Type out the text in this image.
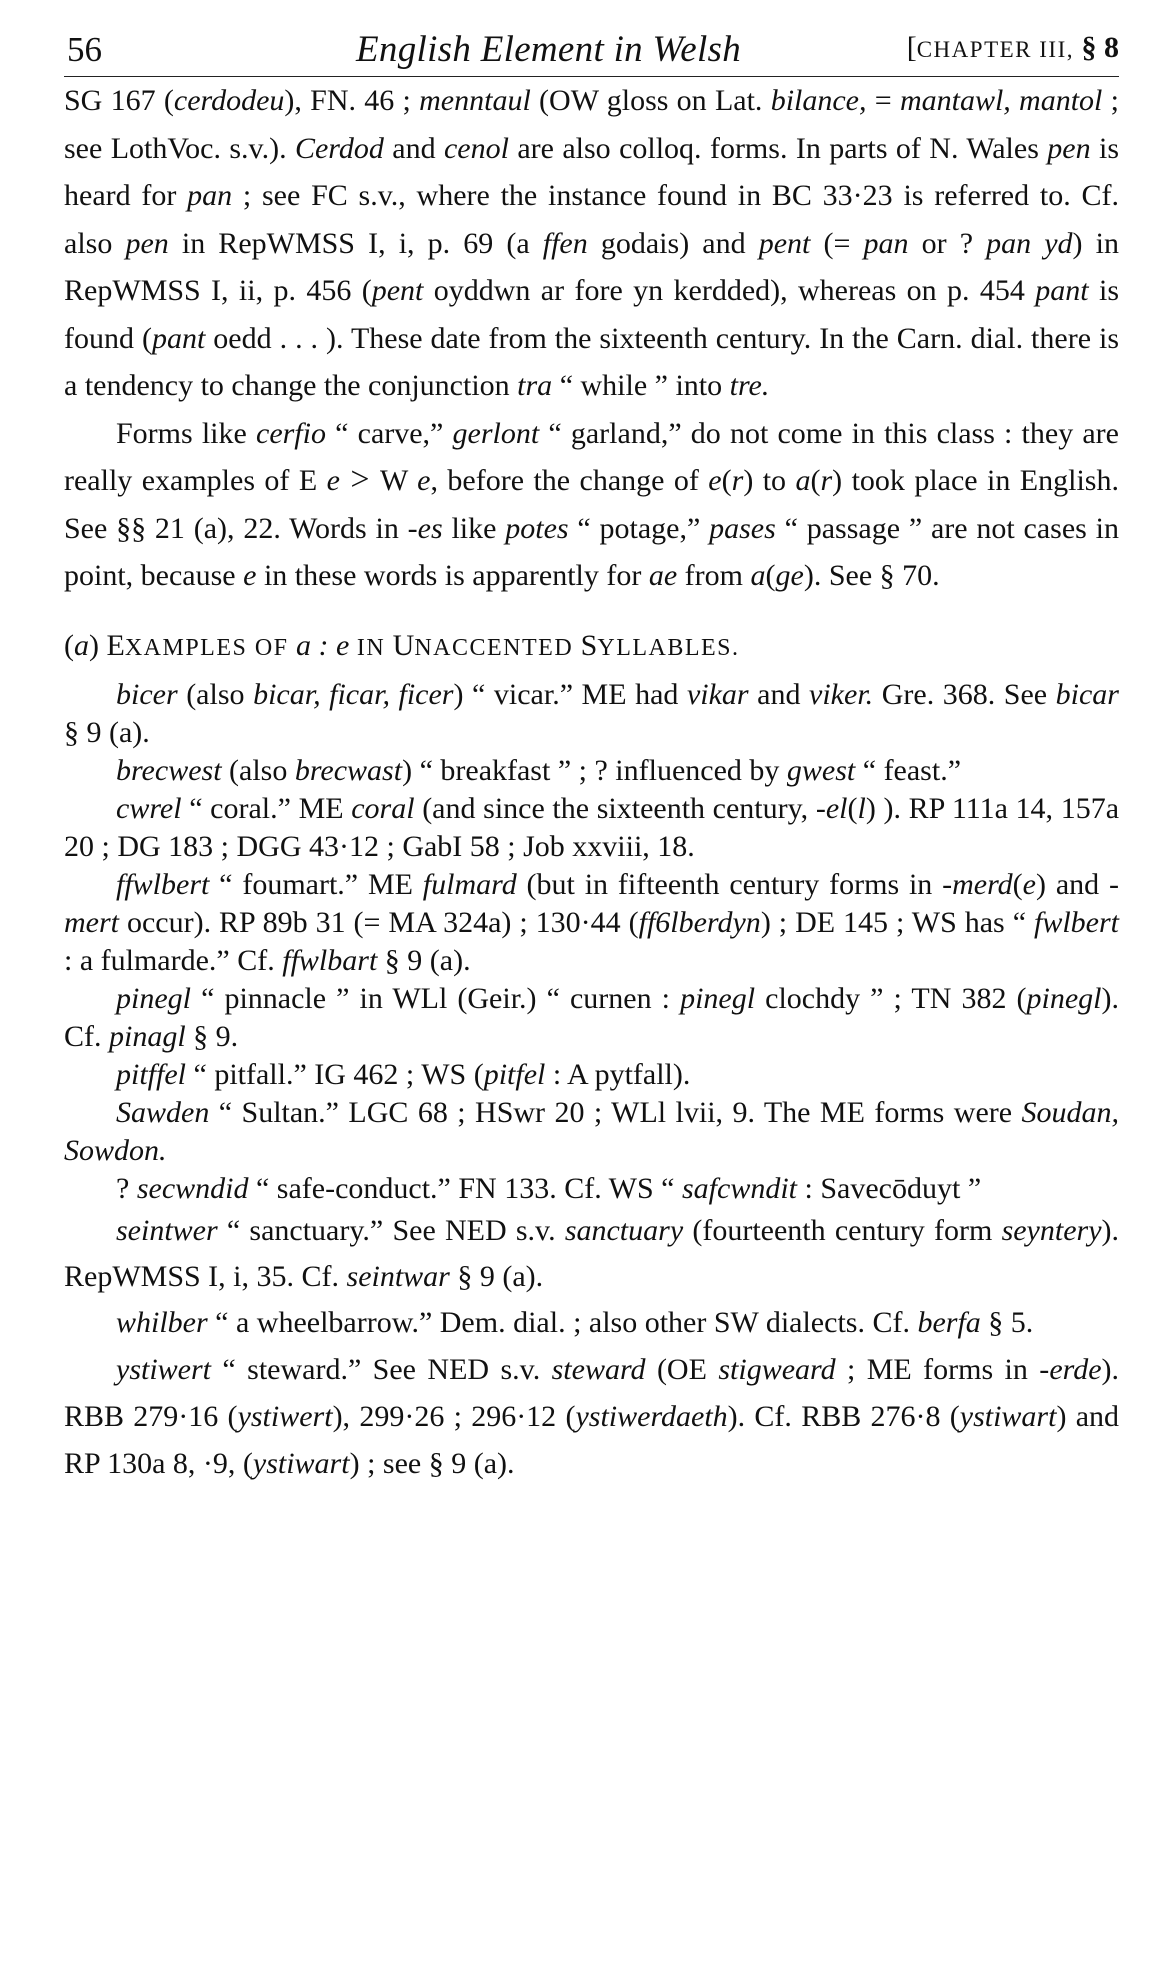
56	English Element in Welsh	[CHAPTER III, § 8

SG 167 (cerdodeu), FN. 46 ; menntaul (OW gloss on Lat. bilance, = mantawl, mantol ; see LothVoc. s.v.). Cerdod and cenol are also colloq. forms. In parts of N. Wales pen is heard for pan ; see FC s.v., where the instance found in BC 33·23 is referred to. Cf. also pen in RepWMSS I, i, p. 69 (a ffen godais) and pent (= pan or ? pan yd) in RepWMSS I, ii, p. 456 (pent oyddwn ar fore yn kerdded), whereas on p. 454 pant is found (pant oedd . . . ). These date from the sixteenth century. In the Carn. dial. there is a tendency to change the conjunction tra “ while ” into tre.

Forms like cerfio “ carve,” gerlont “ garland,” do not come in this class : they are really examples of E e > W e, before the change of e(r) to a(r) took place in English. See §§ 21 (a), 22. Words in -es like potes “ potage,” pases “ passage ” are not cases in point, because e in these words is apparently for ae from a(ge). See § 70.

(a) EXAMPLES OF a : e IN UNACCENTED SYLLABLES.

bicer (also bicar, ficar, ficer) “ vicar.” ME had vikar and viker. Gre. 368. See bicar § 9 (a).

brecwest (also brecwast) “ breakfast ” ; ? influenced by gwest “ feast.”

cwrel “ coral.” ME coral (and since the sixteenth century, -el(l) ). RP 111a 14, 157a 20 ; DG 183 ; DGG 43·12 ; GabI 58 ; Job xxviii, 18.

ffwlbert “ foumart.” ME fulmard (but in fifteenth century forms in -merd(e) and -mert occur). RP 89b 31 (= MA 324a) ; 130·44 (ff6lberdyn) ; DE 145 ; WS has “ fwlbert : a fulmarde.” Cf. ffwlbart § 9 (a).

pinegl “ pinnacle ” in WLl (Geir.) “ curnen : pinegl clochdy ” ; TN 382 (pinegl). Cf. pinagl § 9.

pitffel “ pitfall.” IG 462 ; WS (pitfel : A pytfall).

Sawden “ Sultan.” LGC 68 ; HSwr 20 ; WLl lvii, 9. The ME forms were Soudan, Sowdon.

? secwndid “ safe-conduct.” FN 133. Cf. WS “ safcwndit : Savecōduyt ”

seintwer “ sanctuary.” See NED s.v. sanctuary (fourteenth century form seyntery). RepWMSS I, i, 35. Cf. seintwar § 9 (a).

whilber “ a wheelbarrow.” Dem. dial. ; also other SW dialects. Cf. berfa § 5.

ystiwert “ steward.” See NED s.v. steward (OE stigweard ; ME forms in -erde). RBB 279·16 (ystiwert), 299·26 ; 296·12 (ystiwerdaeth). Cf. RBB 276·8 (ystiwart) and RP 130a 8, ·9, (ystiwart) ; see § 9 (a).
